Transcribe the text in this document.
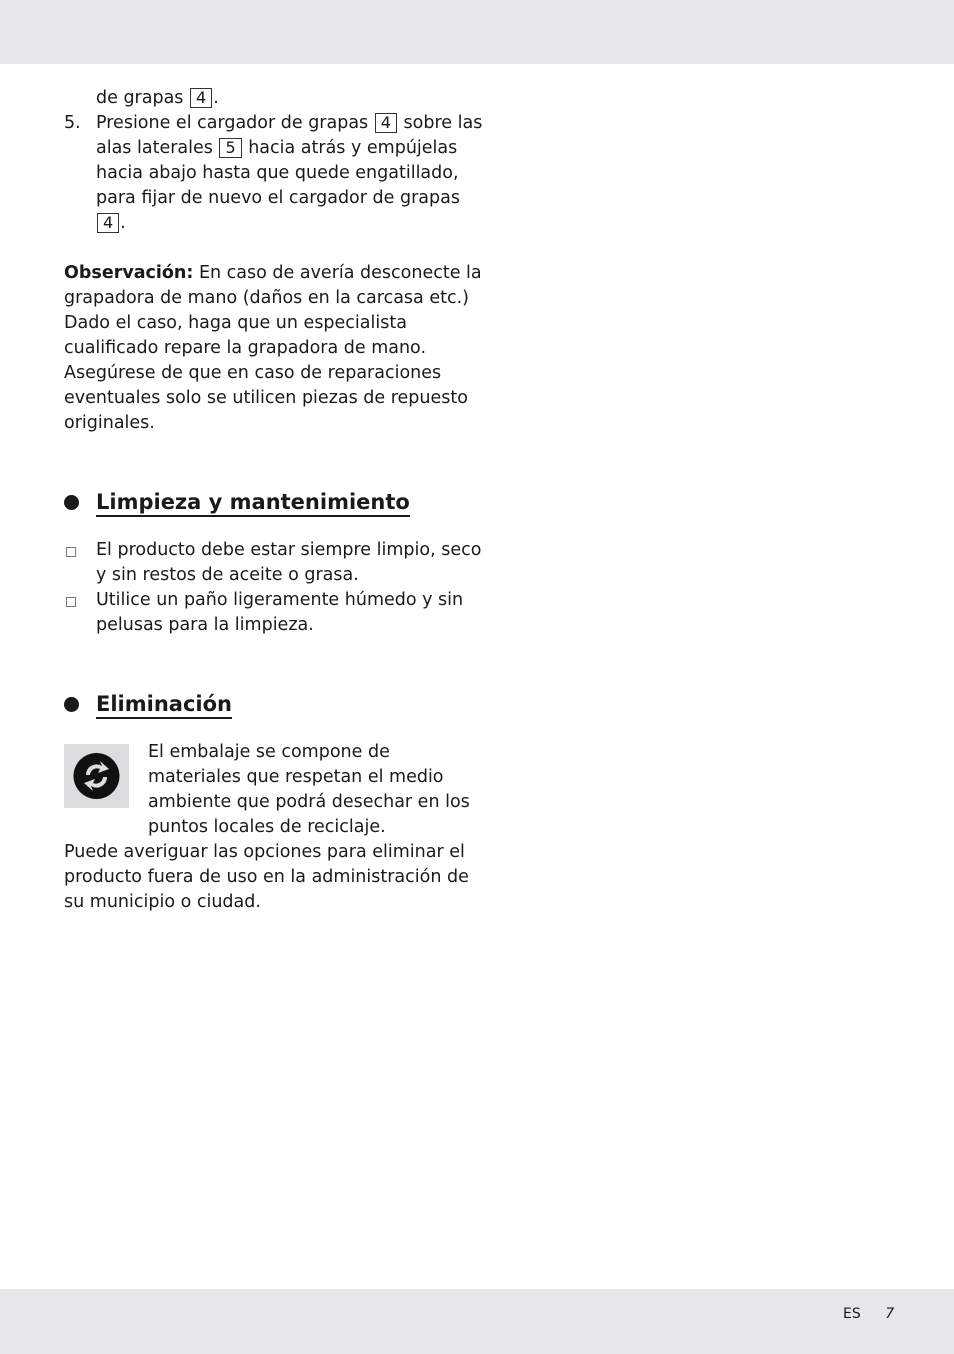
de grapas 4 .
5. Presione el cargador de grapas 4 sobre las alas laterales 5 hacia atrás y empújelas hacia abajo hasta que quede engatillado, para fijar de nuevo el cargador de grapas 4 .
Observación: En caso de avería desconecte la grapadora de mano (daños en la carcasa etc.) Dado el caso, haga que un especialista cualificado repare la grapadora de mano. Asegúrese de que en caso de reparaciones eventuales solo se utilicen piezas de repuesto originales.
Limpieza y mantenimiento
El producto debe estar siempre limpio, seco y sin restos de aceite o grasa.
Utilice un paño ligeramente húmedo y sin pelusas para la limpieza.
Eliminación
El embalaje se compone de materiales que respetan el medio ambiente que podrá desechar en los puntos locales de reciclaje.
Puede averiguar las opciones para eliminar el producto fuera de uso en la administración de su municipio o ciudad.
ES 7
